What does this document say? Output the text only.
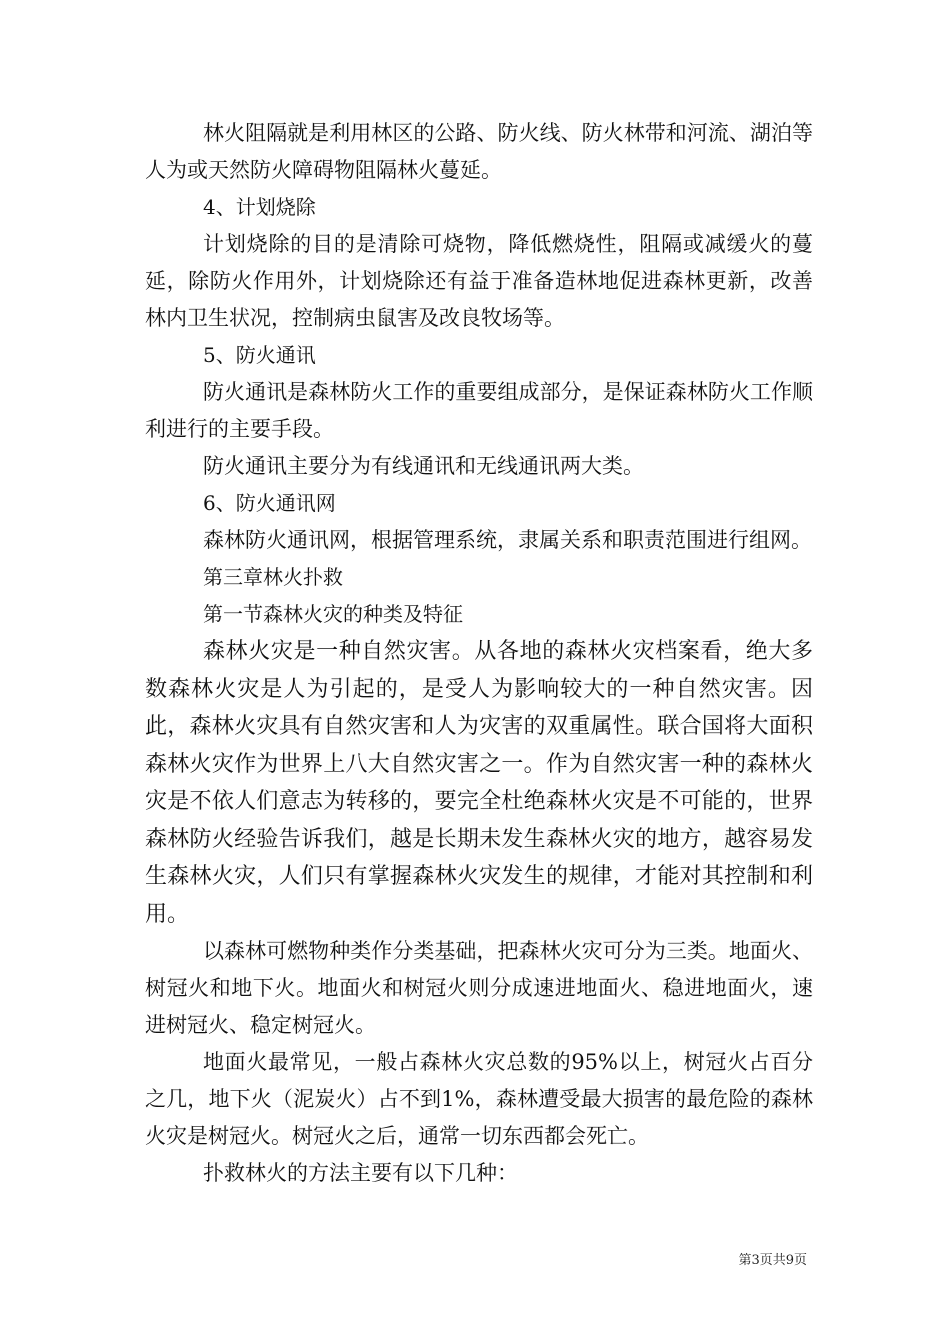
林火阻隔就是利用林区的公路、防火线、防火林带和河流、湖泊等人为或天然防火障碍物阻隔林火蔓延。

4、计划烧除

计划烧除的目的是清除可烧物，降低燃烧性，阻隔或减缓火的蔓延，除防火作用外，计划烧除还有益于准备造林地促进森林更新，改善林内卫生状况，控制病虫鼠害及改良牧场等。

5、防火通讯

防火通讯是森林防火工作的重要组成部分，是保证森林防火工作顺利进行的主要手段。

防火通讯主要分为有线通讯和无线通讯两大类。

6、防火通讯网

森林防火通讯网，根据管理系统，隶属关系和职责范围进行组网。

第三章林火扑救

第一节森林火灾的种类及特征

森林火灾是一种自然灾害。从各地的森林火灾档案看，绝大多数森林火灾是人为引起的，是受人为影响较大的一种自然灾害。因此，森林火灾具有自然灾害和人为灾害的双重属性。联合国将大面积森林火灾作为世界上八大自然灾害之一。作为自然灾害一种的森林火灾是不依人们意志为转移的，要完全杜绝森林火灾是不可能的，世界森林防火经验告诉我们，越是长期未发生森林火灾的地方，越容易发生森林火灾，人们只有掌握森林火灾发生的规律，才能对其控制和利用。

以森林可燃物种类作分类基础，把森林火灾可分为三类。地面火、树冠火和地下火。地面火和树冠火则分成速进地面火、稳进地面火，速进树冠火、稳定树冠火。

地面火最常见，一般占森林火灾总数的95%以上，树冠火占百分之几，地下火（泥炭火）占不到1%，森林遭受最大损害的最危险的森林火灾是树冠火。树冠火之后，通常一切东西都会死亡。

扑救林火的方法主要有以下几种：

第3页共9页
